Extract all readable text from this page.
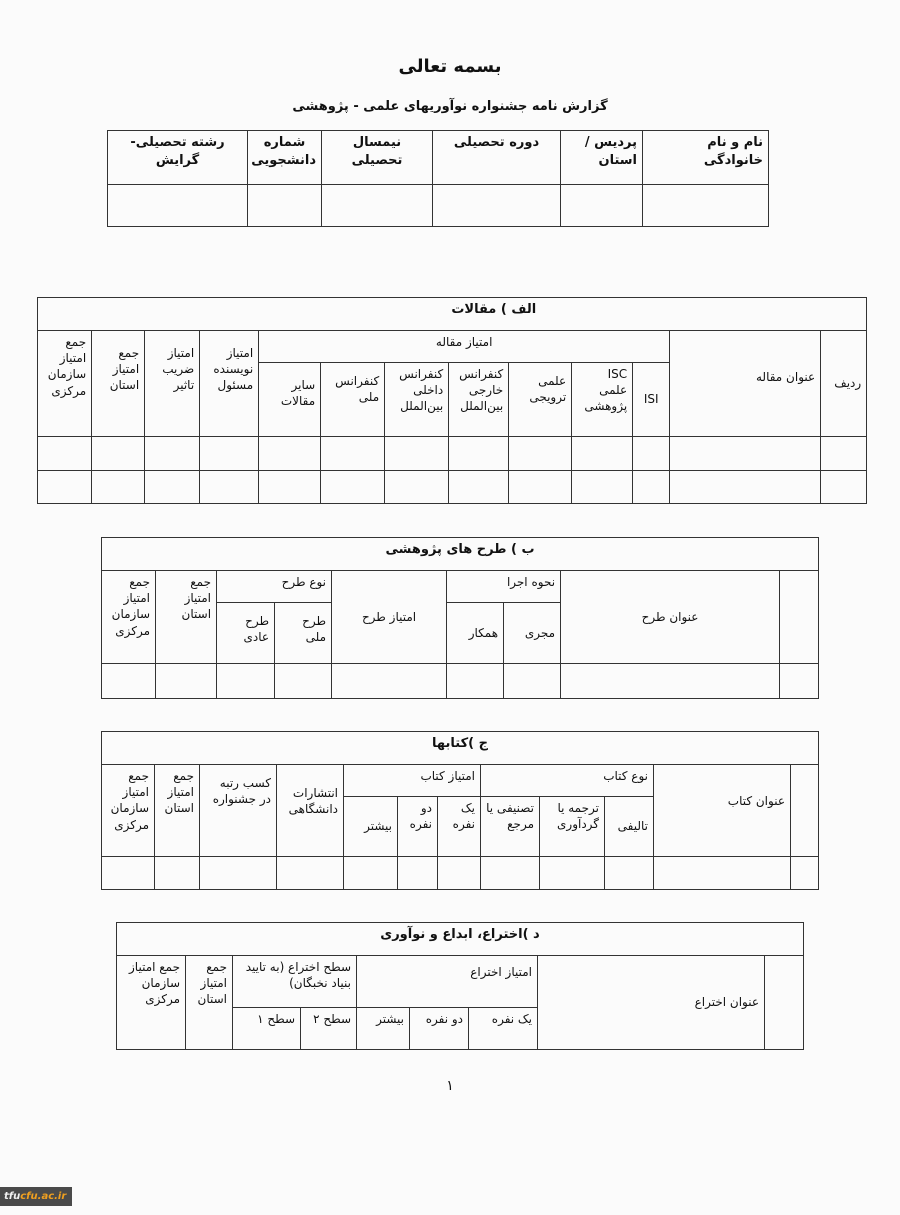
بسمه تعالی
گزارش نامه جشنواره نوآوریهای علمی - پژوهشی
نام و نام خانوادگی	پردیس / استان	دوره تحصیلی	نیمسال تحصیلی	شماره دانشجویی	رشته تحصیلی-گرایش

الف ) مقالات												
ردیف	عنوان مقاله	امتیاز مقاله							امتیاز نویسنده مسئول	امتیاز ضریب تاثیر	جمع امتیاز استان	جمع امتیاز سازمان مرکزی
		ISI	ISC علمی پژوهشی	علمی ترویجی	کنفرانس خارجی بین‌الملل	کنفرانس داخلی بین‌الملل	کنفرانس ملی	سایر مقالات				

ب ) طرح های پژوهشی								
	عنوان طرح	نحوه اجرا		امتیاز طرح	نوع طرح		جمع امتیاز استان	جمع امتیاز سازمان مرکزی
		مجری	همکار		طرح ملی	طرح عادی		

ج )کتابها											
	عنوان کتاب	نوع کتاب			امتیاز کتاب			انتشارات دانشگاهی	کسب رتبه در جشنواره	جمع امتیاز استان	جمع امتیاز سازمان مرکزی
		تالیفی	ترجمه یا گردآوری	تصنیفی یا مرجع	یک نفره	دو نفره	بیشتر				

د )اختراع، ابداع و نوآوری								
	عنوان اختراع	امتیاز اختراع			سطح اختراع (به تایید بنیاد نخبگان)		جمع امتیاز استان	جمع امتیاز سازمان مرکزی
		یک نفره	دو نفره	بیشتر	سطح ۲	سطح ۱		
۱
tfucfu.ac.ir
